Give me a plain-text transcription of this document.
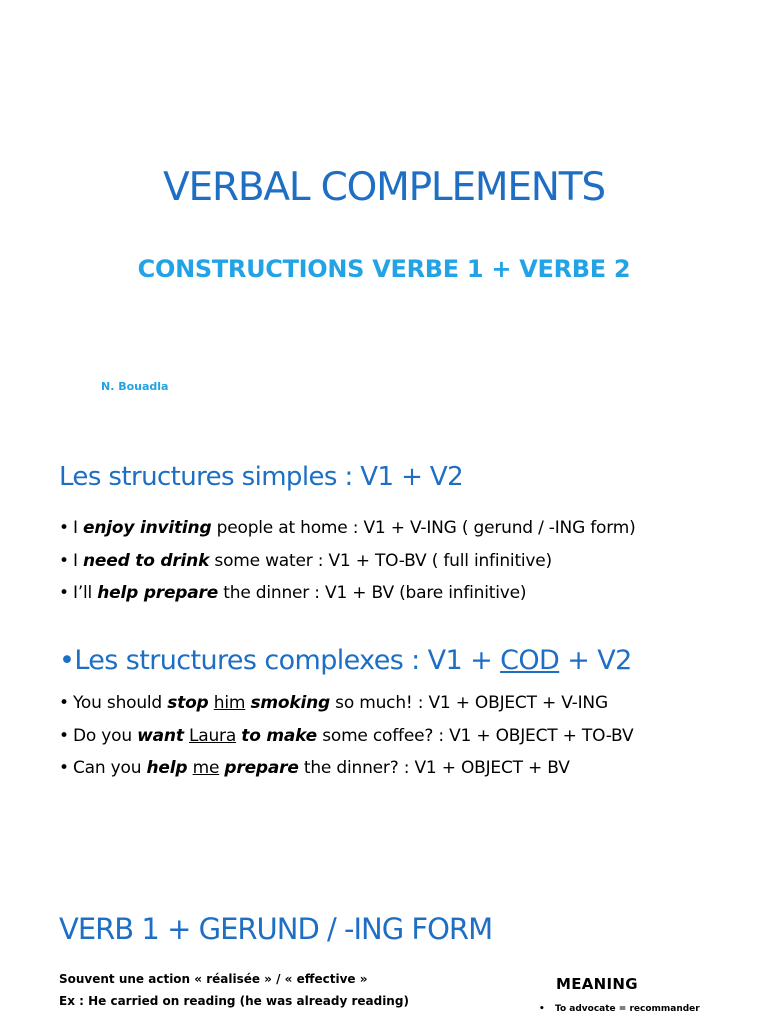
VERBAL COMPLEMENTS
CONSTRUCTIONS VERBE 1 + VERBE 2
N. Bouadla
Les structures simples : V1 + V2
• I enjoy inviting people at home : V1 + V-ING ( gerund / -ING form)
• I need to drink some water : V1 + TO-BV ( full infinitive)
• I’ll help prepare the dinner : V1 + BV (bare infinitive)
•Les structures complexes : V1 + COD + V2
• You should stop him smoking so much! : V1 + OBJECT + V-ING
• Do you want Laura to make some coffee? : V1 + OBJECT + TO-BV
• Can you help me prepare the dinner? : V1 + OBJECT + BV
VERB 1 + GERUND / -ING FORM
Souvent une action « réalisée » / « effective »
Ex : He carried on reading (he was already reading)
MEANING
• To advocate = recommander
